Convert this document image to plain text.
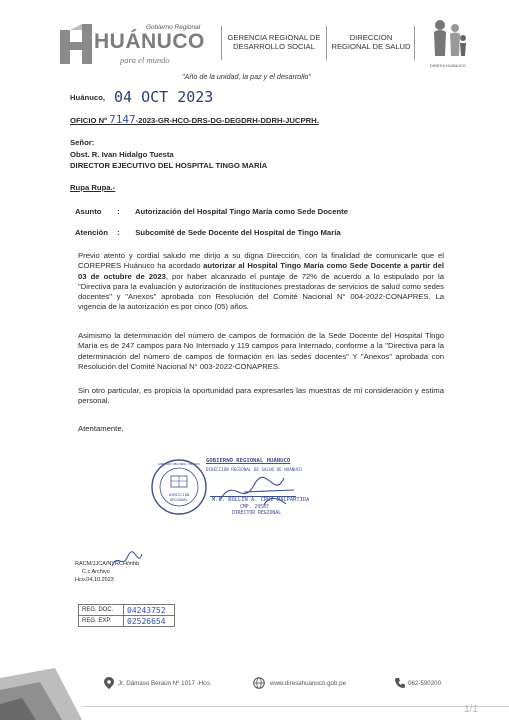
Gobierno Regional
HUÁNUCO
para el mundo
GERENCIA REGIONAL DE DESARROLLO SOCIAL
DIRECCIÓN REGIONAL DE SALUD
DIRESA HUÁNUCO
"Año de la unidad, la paz y el desarrollo"
Huánuco, 04 OCT 2023
OFICIO Nº 7147-2023-GR-HCO-DRS-DG-DEGDRH-DDRH-JUCPRH.
Señor:
Obst. R. Ivan Hidalgo Tuesta
DIRECTOR EJECUTIVO DEL HOSPITAL TINGO MARÍA
Rupa Rupa.-
Asunto : Autorización del Hospital Tingo María como Sede Docente
Atención : Subcomité de Sede Docente del Hospital de Tingo María
Previo atento y cordial saludo me dirijo a su digna Dirección, con la finalidad de comunicarle que el COREPRES Huánuco ha acordado autorizar al Hospital Tingo María como Sede Docente a partir del 03 de octubre de 2023, por haber alcanzado el puntaje de 72% de acuerdo a lo estipulado por la "Directiva para la evaluación y autorización de instituciones prestadoras de servicios de salud como sedes docentes" y "Anexos" aprobada con Resolución del Comité Nacional N° 004-2022-CONAPRES. La vigencia de la autorización es por cinco (05) años.
Asimismo la determinación del número de campos de formación de la Sede Docente del Hospital Tingo María es de 247 campos para No Internado y 119 campos para Internado, conforme a la "Directiva para la determinación del número de campos de formación en las sedes docentes" Y "Anexos" aprobada con Resolución del Comité Nacional N° 003-2022-CONAPRES.
Sin otro particular, es propicia la oportunidad para expresarles las muestras de mi consideración y estima personal.
Atentamente,
DIRECCIÓN REGIONAL
GOBIERNO REGIONAL HUÁNUCO	GOBIERNO REGIONAL HUÁNUCO
DIRECCIÓN REGIONAL DE SALUD DE HUÁNUCO
M.C. ROLLIN A. CRUZ MALPARTIDA
CMP. 29587
DIRECTOR REGIONAL
RACM/JJCA/NYRCH/mhb
C.c Archivo
Hco.04.10.2023
REG. DOC.	04243752
REG. EXP.	02526654
Jr. Dámaso Beraún Nº 1017 -Hco.	www.diresahuanuco.gob.pe	062-590200
1/1
